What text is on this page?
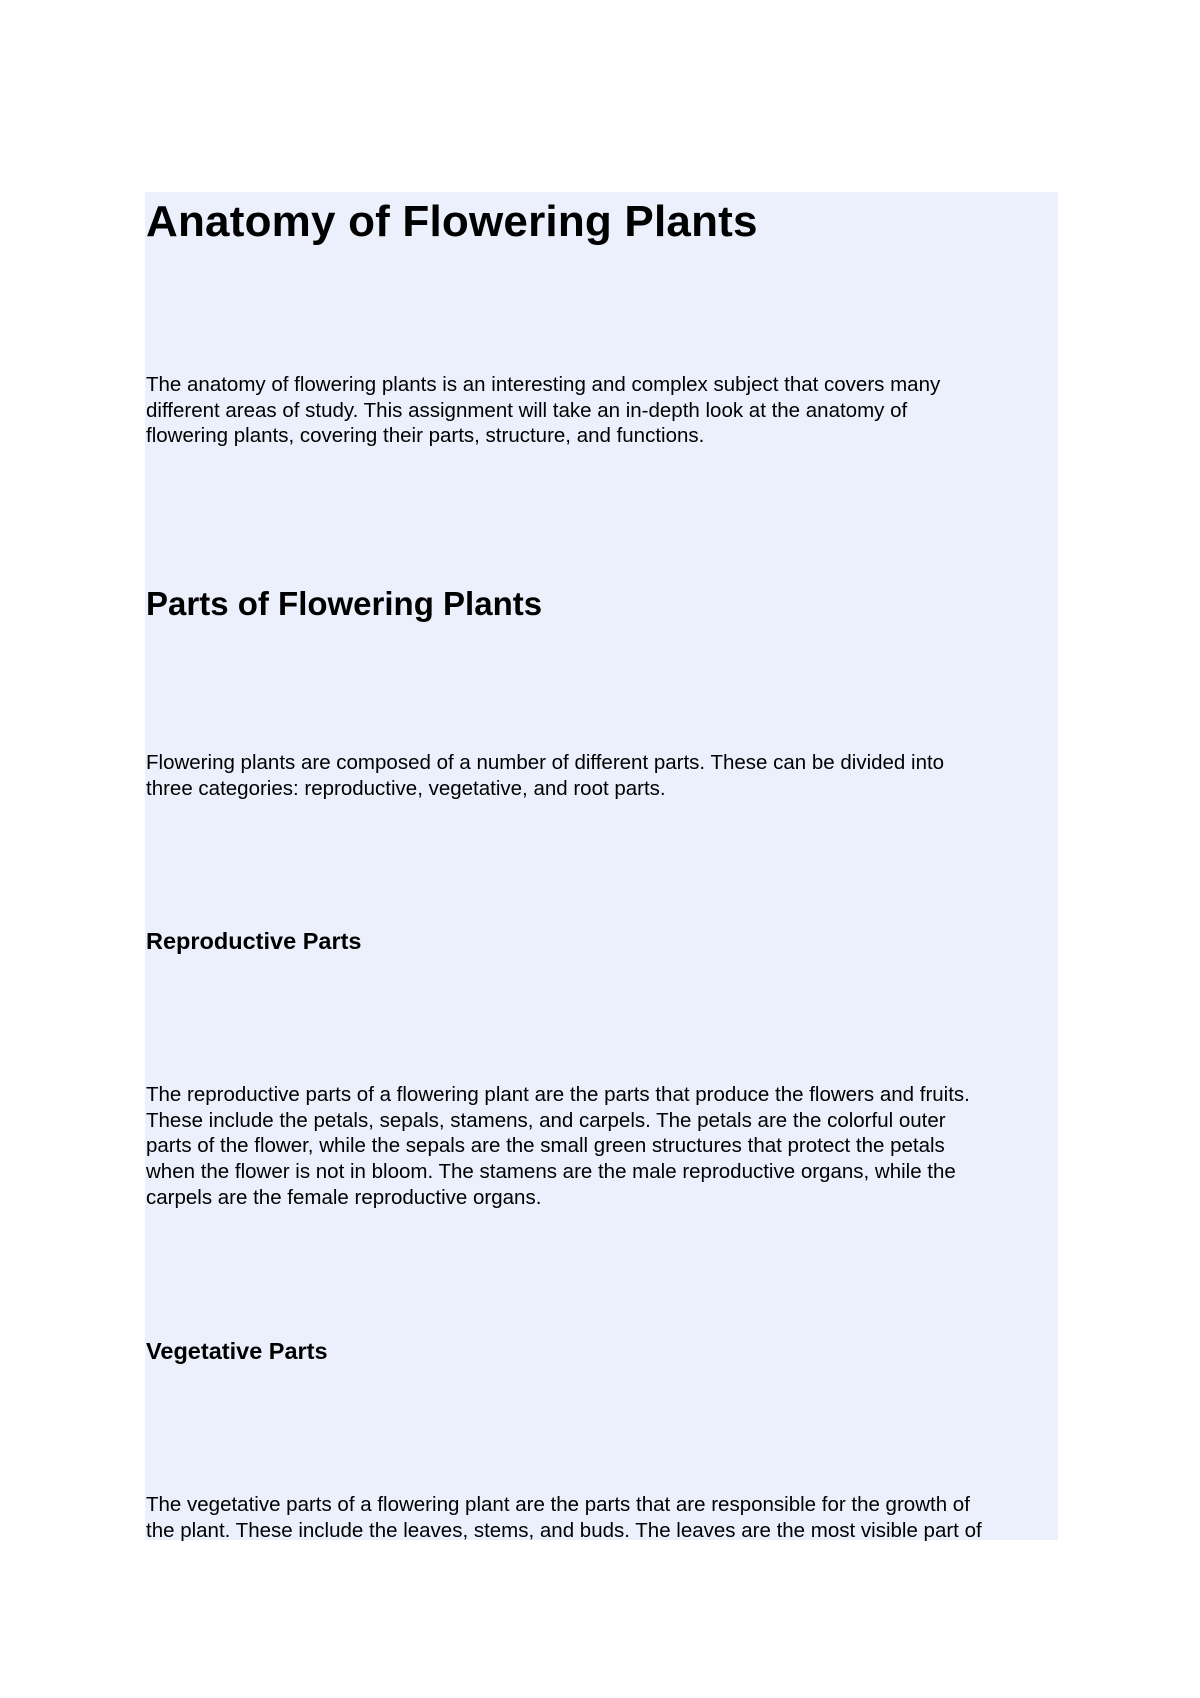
Anatomy of Flowering Plants
The anatomy of flowering plants is an interesting and complex subject that covers many
different areas of study. This assignment will take an in-depth look at the anatomy of
flowering plants, covering their parts, structure, and functions.
Parts of Flowering Plants
Flowering plants are composed of a number of different parts. These can be divided into
three categories: reproductive, vegetative, and root parts.
Reproductive Parts
The reproductive parts of a flowering plant are the parts that produce the flowers and fruits.
These include the petals, sepals, stamens, and carpels. The petals are the colorful outer
parts of the flower, while the sepals are the small green structures that protect the petals
when the flower is not in bloom. The stamens are the male reproductive organs, while the
carpels are the female reproductive organs.
Vegetative Parts
The vegetative parts of a flowering plant are the parts that are responsible for the growth of
the plant. These include the leaves, stems, and buds. The leaves are the most visible part of
